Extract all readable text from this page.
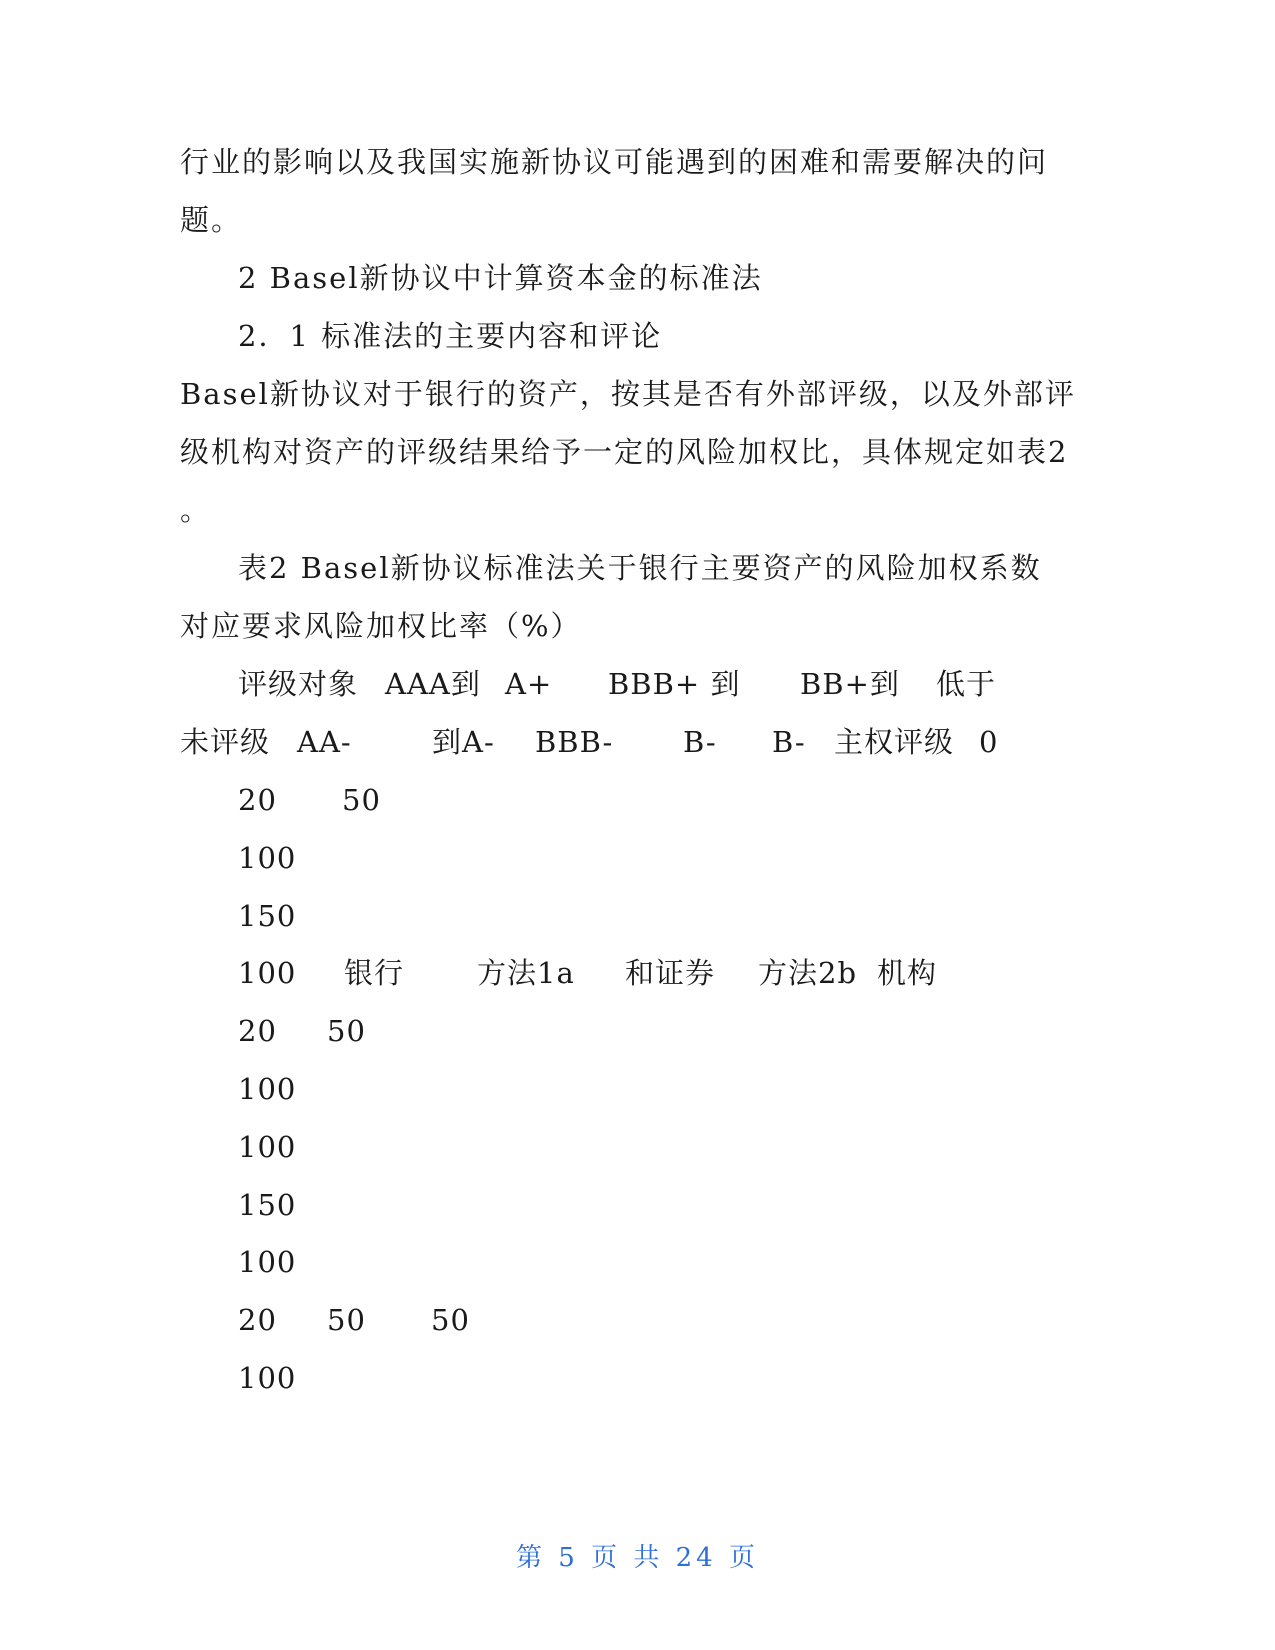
行业的影响以及我国实施新协议可能遇到的困难和需要解决的问
题。
2 Basel新协议中计算资本金的标准法
2．1 标准法的主要内容和评论
Basel新协议对于银行的资产，按其是否有外部评级，以及外部评
级机构对资产的评级结果给予一定的风险加权比，具体规定如表2
。
表2 Basel新协议标准法关于银行主要资产的风险加权系数
对应要求风险加权比率（%）
评级对象 AAA到 A+ BBB+ 到 BB+到 低于
未评级 AA-	到A- BBB- B- B- 主权评级 0
20 50
100
150
100 银行	方法1a 和证券 方法2b 机构
20 50
100
100
150
100
20 50 50
100
第 5 页 共 24 页
